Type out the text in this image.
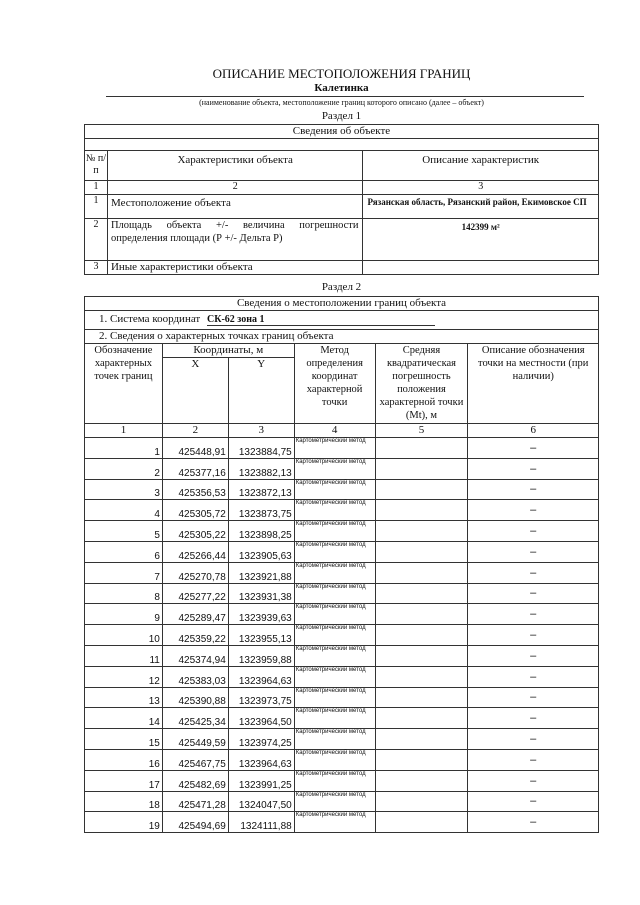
ОПИСАНИЕ МЕСТОПОЛОЖЕНИЯ ГРАНИЦ
Калетинка
(наименование объекта, местоположение границ которого описано (далее – объект)
Раздел 1
Сведения об объекте		

№ п/п	Характеристики объекта	Описание характеристик
1	2	3
1	Местоположение объекта	Рязанская область, Рязанский район, Екимовское СП
2	Площадь объекта +/- величина погрешности определения площади (Р +/- Дельта Р)	142399 м²
3	Иные характеристики объекта	
Раздел 2
Сведения о местоположении границ объекта					
1. Система координат СК-62 зона 1					
2. Сведения о характерных точках границ объекта					
Обозначение характерных точек границ	Координаты, м		Метод определения координат характерной точки	Средняя квадратическая погрешность положения характерной точки (Mt), м	Описание обозначения точки на местности (при наличии)
	X	Y			
1	2	3	4	5	6
1	425448,91	1323884,75	Картометрический метод		–
2	425377,16	1323882,13	Картометрический метод		–
3	425356,53	1323872,13	Картометрический метод		–
4	425305,72	1323873,75	Картометрический метод		–
5	425305,22	1323898,25	Картометрический метод		–
6	425266,44	1323905,63	Картометрический метод		–
7	425270,78	1323921,88	Картометрический метод		–
8	425277,22	1323931,38	Картометрический метод		–
9	425289,47	1323939,63	Картометрический метод		–
10	425359,22	1323955,13	Картометрический метод		–
11	425374,94	1323959,88	Картометрический метод		–
12	425383,03	1323964,63	Картометрический метод		–
13	425390,88	1323973,75	Картометрический метод		–
14	425425,34	1323964,50	Картометрический метод		–
15	425449,59	1323974,25	Картометрический метод		–
16	425467,75	1323964,63	Картометрический метод		–
17	425482,69	1323991,25	Картометрический метод		–
18	425471,28	1324047,50	Картометрический метод		–
19	425494,69	1324111,88	Картометрический метод		–
